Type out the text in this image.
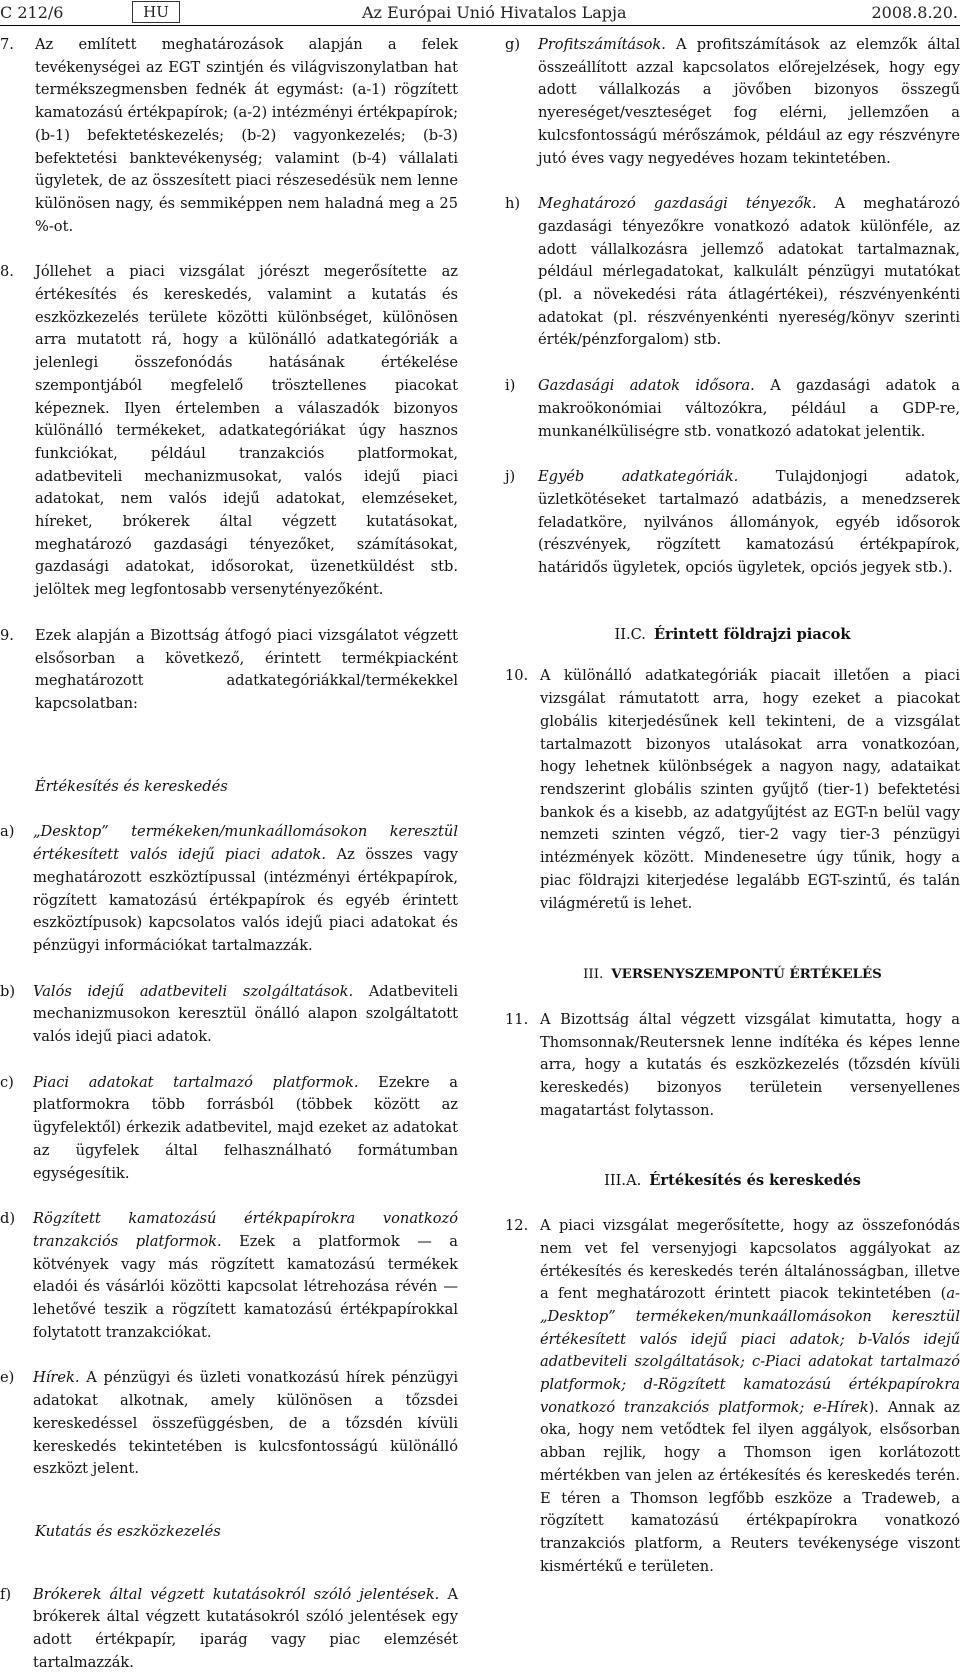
C 212/6	HU	Az Európai Unió Hivatalos Lapja	2008.8.20.

7. Az említett meghatározások alapján a felek tevékenységei az EGT szintjén és világviszonylatban hat termékszegmensben fednék át egymást: (a-1) rögzített kamatozású értékpapírok; (a-2) intézményi értékpapírok; (b-1) befektetéskezelés; (b-2) vagyonkezelés; (b-3) befektetési banktevékenység; valamint (b-4) vállalati ügyletek, de az összesített piaci részesedésük nem lenne különösen nagy, és semmiképpen nem haladná meg a 25 %-ot.

8. Jóllehet a piaci vizsgálat jórészt megerősítette az értékesítés és kereskedés, valamint a kutatás és eszközkezelés területe közötti különbséget, különösen arra mutatott rá, hogy a különálló adatkategóriák a jelenlegi összefonódás hatásának értékelése szempontjából megfelelő trösztellenes piacokat képeznek. Ilyen értelemben a válaszadók bizonyos különálló termékeket, adatkategóriákat úgy hasznos funkciókat, például tranzakciós platformokat, adatbeviteli mechanizmusokat, valós idejű piaci adatokat, nem valós idejű adatokat, elemzéseket, híreket, brókerek által végzett kutatásokat, meghatározó gazdasági tényezőket, számításokat, gazdasági adatokat, idősorokat, üzenetküldést stb. jelöltek meg legfontosabb versenytényezőként.

9. Ezek alapján a Bizottság átfogó piaci vizsgálatot végzett elsősorban a következő, érintett termékpiacként meghatározott adatkategóriákkal/termékekkel kapcsolatban:

Értékesítés és kereskedés

a) „Desktop” termékeken/munkaállomásokon keresztül értékesített valós idejű piaci adatok. Az összes vagy meghatározott eszköztípussal (intézményi értékpapírok, rögzített kamatozású értékpapírok és egyéb érintett eszköztípusok) kapcsolatos valós idejű piaci adatokat és pénzügyi információkat tartalmazzák.

b) Valós idejű adatbeviteli szolgáltatások. Adatbeviteli mechanizmusokon keresztül önálló alapon szolgáltatott valós idejű piaci adatok.

c) Piaci adatokat tartalmazó platformok. Ezekre a platformokra több forrásból (többek között az ügyfelektől) érkezik adatbevitel, majd ezeket az adatokat az ügyfelek által felhasználható formátumban egységesítik.

d) Rögzített kamatozású értékpapírokra vonatkozó tranzakciós platformok. Ezek a platformok — a kötvények vagy más rögzített kamatozású termékek eladói és vásárlói közötti kapcsolat létrehozása révén — lehetővé teszik a rögzített kamatozású értékpapírokkal folytatott tranzakciókat.

e) Hírek. A pénzügyi és üzleti vonatkozású hírek pénzügyi adatokat alkotnak, amely különösen a tőzsdei kereskedéssel összefüggésben, de a tőzsdén kívüli kereskedés tekintetében is kulcsfontosságú különálló eszközt jelent.

Kutatás és eszközkezelés

f) Brókerek által végzett kutatásokról szóló jelentések. A brókerek által végzett kutatásokról szóló jelentések egy adott értékpapír, iparág vagy piac elemzését tartalmazzák.

g) Profitszámítások. A profitszámítások az elemzők által összeállított azzal kapcsolatos előrejelzések, hogy egy adott vállalkozás a jövőben bizonyos összegű nyereséget/veszteséget fog elérni, jellemzően a kulcsfontosságú mérőszámok, például az egy részvényre jutó éves vagy negyedéves hozam tekintetében.

h) Meghatározó gazdasági tényezők. A meghatározó gazdasági tényezőkre vonatkozó adatok különféle, az adott vállalkozásra jellemző adatokat tartalmaznak, például mérlegadatokat, kalkulált pénzügyi mutatókat (pl. a növekedési ráta átlagértékei), részvényenkénti adatokat (pl. részvényenkénti nyereség/könyv szerinti érték/pénzforgalom) stb.

i) Gazdasági adatok idősora. A gazdasági adatok a makroökonómiai változókra, például a GDP-re, munkanélküliségre stb. vonatkozó adatokat jelentik.

j) Egyéb adatkategóriák. Tulajdonjogi adatok, üzletkötéseket tartalmazó adatbázis, a menedzserek feladatköre, nyilvános állományok, egyéb idősorok (részvények, rögzített kamatozású értékpapírok, határidős ügyletek, opciós ügyletek, opciós jegyek stb.).

II.C. Érintett földrajzi piacok

10. A különálló adatkategóriák piacait illetően a piaci vizsgálat rámutatott arra, hogy ezeket a piacokat globális kiterjedésűnek kell tekinteni, de a vizsgálat tartalmazott bizonyos utalásokat arra vonatkozóan, hogy lehetnek különbségek a nagyon nagy, adataikat rendszerint globális szinten gyűjtő (tier-1) befektetési bankok és a kisebb, az adatgyűjtést az EGT-n belül vagy nemzeti szinten végző, tier-2 vagy tier-3 pénzügyi intézmények között. Mindenesetre úgy tűnik, hogy a piac földrajzi kiterjedése legalább EGT-szintű, és talán világméretű is lehet.

III. VERSENYSZEMPONTÚ ÉRTÉKELÉS

11. A Bizottság által végzett vizsgálat kimutatta, hogy a Thomsonnak/Reutersnek lenne indítéka és képes lenne arra, hogy a kutatás és eszközkezelés (tőzsdén kívüli kereskedés) bizonyos területein versenyellenes magatartást folytasson.

III.A. Értékesítés és kereskedés

12. A piaci vizsgálat megerősítette, hogy az összefonódás nem vet fel versenyjogi kapcsolatos aggályokat az értékesítés és kereskedés terén általánosságban, illetve a fent meghatározott érintett piacok tekintetében (a-„Desktop” termékeken/munkaállomásokon keresztül értékesített valós idejű piaci adatok; b-Valós idejű adatbeviteli szolgáltatások; c-Piaci adatokat tartalmazó platformok; d-Rögzített kamatozású értékpapírokra vonatkozó tranzakciós platformok; e-Hírek). Annak az oka, hogy nem vetődtek fel ilyen aggályok, elsősorban abban rejlik, hogy a Thomson igen korlátozott mértékben van jelen az értékesítés és kereskedés terén. E téren a Thomson legfőbb eszköze a Tradeweb, a rögzített kamatozású értékpapírokra vonatkozó tranzakciós platform, a Reuters tevékenysége viszont kismértékű e területen.
